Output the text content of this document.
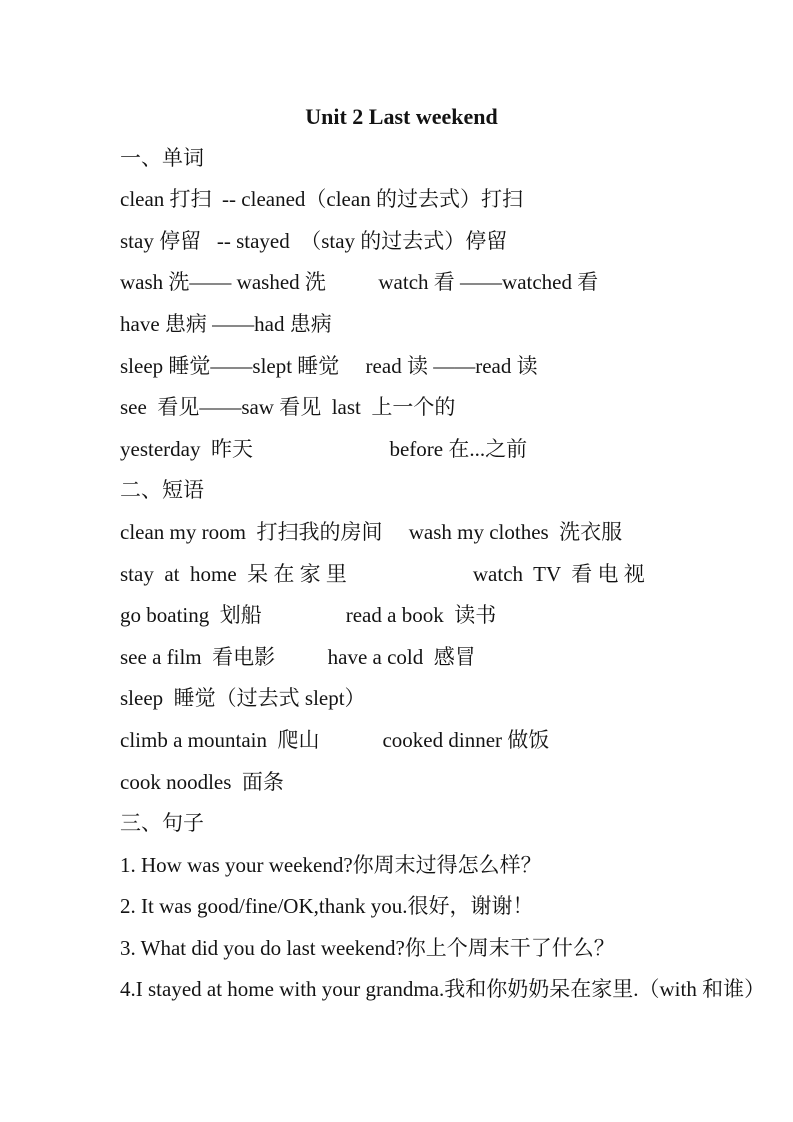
Unit 2 Last weekend

一、单词

clean 打扫  -- cleaned（clean 的过去式）打扫

stay 停留   -- stayed  （stay 的过去式）停留

wash 洗—— washed 洗          watch 看 ——watched 看

have 患病 ——had 患病

sleep 睡觉——slept 睡觉     read 读 ——read 读

see  看见——saw 看见  last  上一个的

yesterday  昨天                          before 在...之前

二、短语

clean my room  打扫我的房间     wash my clothes  洗衣服

stay  at  home  呆 在 家 里                        watch  TV  看 电 视

go boating  划船                read a book  读书

see a film  看电影          have a cold  感冒

sleep  睡觉（过去式 slept）

climb a mountain  爬山            cooked dinner 做饭

cook noodles  面条

三、句子

1. How was your weekend?你周末过得怎么样？

2. It was good/fine/OK,thank you.很好，谢谢！

3. What did you do last weekend?你上个周末干了什么？

4.I stayed at home with your grandma.我和你奶奶呆在家里.（with 和谁）
